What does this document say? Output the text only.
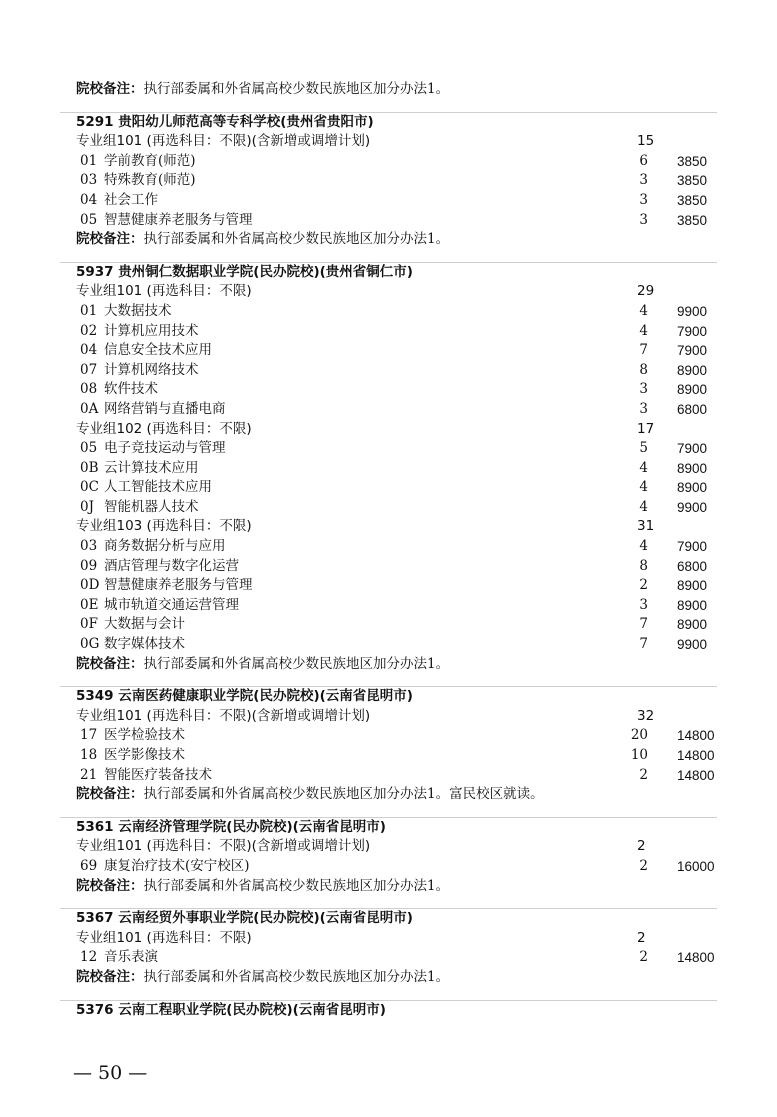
院校备注：执行部委属和外省属高校少数民族地区加分办法1。
5291 贵阳幼儿师范高等专科学校(贵州省贵阳市)
专业组101 (再选科目：不限)(含新增或调增计划)	15
01 学前教育(师范)	6 3850
03 特殊教育(师范)	3 3850
04 社会工作	3 3850
05 智慧健康养老服务与管理	3 3850
院校备注：执行部委属和外省属高校少数民族地区加分办法1。
5937 贵州铜仁数据职业学院(民办院校)(贵州省铜仁市)
专业组101 (再选科目：不限)	29
01 大数据技术	4 9900
02 计算机应用技术	4 7900
04 信息安全技术应用	7 7900
07 计算机网络技术	8 8900
08 软件技术	3 8900
0A 网络营销与直播电商	3 6800
专业组102 (再选科目：不限)	17
05 电子竞技运动与管理	5 7900
0B 云计算技术应用	4 8900
0C 人工智能技术应用	4 8900
0J 智能机器人技术	4 9900
专业组103 (再选科目：不限)	31
03 商务数据分析与应用	4 7900
09 酒店管理与数字化运营	8 6800
0D 智慧健康养老服务与管理	2 8900
0E 城市轨道交通运营管理	3 8900
0F 大数据与会计	7 8900
0G 数字媒体技术	7 9900
院校备注：执行部委属和外省属高校少数民族地区加分办法1。
5349 云南医药健康职业学院(民办院校)(云南省昆明市)
专业组101 (再选科目：不限)(含新增或调增计划)	32
17 医学检验技术	20 14800
18 医学影像技术	10 14800
21 智能医疗装备技术	2 14800
院校备注：执行部委属和外省属高校少数民族地区加分办法1。富民校区就读。
5361 云南经济管理学院(民办院校)(云南省昆明市)
专业组101 (再选科目：不限)(含新增或调增计划)	2
69 康复治疗技术(安宁校区)	2 16000
院校备注：执行部委属和外省属高校少数民族地区加分办法1。
5367 云南经贸外事职业学院(民办院校)(云南省昆明市)
专业组101 (再选科目：不限)	2
12 音乐表演	2 14800
院校备注：执行部委属和外省属高校少数民族地区加分办法1。
5376 云南工程职业学院(民办院校)(云南省昆明市)
— 50 —
